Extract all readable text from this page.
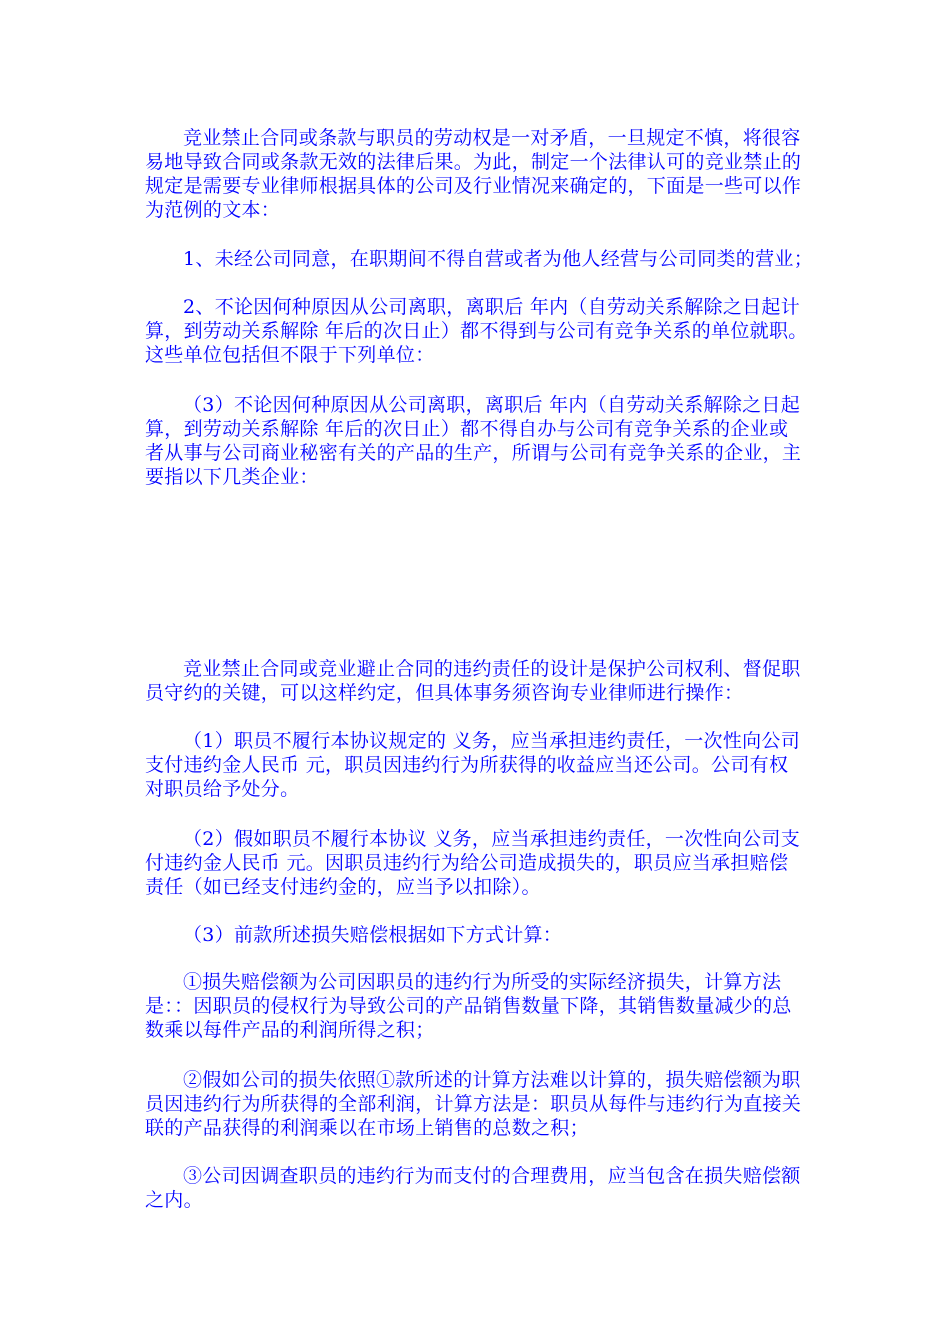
竞业禁止合同或条款与职员的劳动权是一对矛盾，一旦规定不慎，将很容易地导致合同或条款无效的法律后果。为此，制定一个法律认可的竞业禁止的规定是需要专业律师根据具体的公司及行业情况来确定的，下面是一些可以作为范例的文本：

1、未经公司同意，在职期间不得自营或者为他人经营与公司同类的营业；

2、不论因何种原因从公司离职，离职后 年内（自劳动关系解除之日起计算，到劳动关系解除 年后的次日止）都不得到与公司有竞争关系的单位就职。这些单位包括但不限于下列单位：

（3）不论因何种原因从公司离职，离职后 年内（自劳动关系解除之日起算，到劳动关系解除 年后的次日止）都不得自办与公司有竞争关系的企业或者从事与公司商业秘密有关的产品的生产，所谓与公司有竞争关系的企业，主要指以下几类企业：

竞业禁止合同或竞业避止合同的违约责任的设计是保护公司权利、督促职员守约的关键，可以这样约定，但具体事务须咨询专业律师进行操作：

（1）职员不履行本协议规定的 义务，应当承担违约责任，一次性向公司支付违约金人民币 元，职员因违约行为所获得的收益应当还公司。公司有权对职员给予处分。

（2）假如职员不履行本协议 义务，应当承担违约责任，一次性向公司支付违约金人民币 元。因职员违约行为给公司造成损失的，职员应当承担赔偿责任（如已经支付违约金的，应当予以扣除）。

（3）前款所述损失赔偿根据如下方式计算：

①损失赔偿额为公司因职员的违约行为所受的实际经济损失，计算方法是：：因职员的侵权行为导致公司的产品销售数量下降，其销售数量减少的总数乘以每件产品的利润所得之积；

②假如公司的损失依照①款所述的计算方法难以计算的，损失赔偿额为职员因违约行为所获得的全部利润，计算方法是：职员从每件与违约行为直接关联的产品获得的利润乘以在市场上销售的总数之积；

③公司因调查职员的违约行为而支付的合理费用，应当包含在损失赔偿额之内。
